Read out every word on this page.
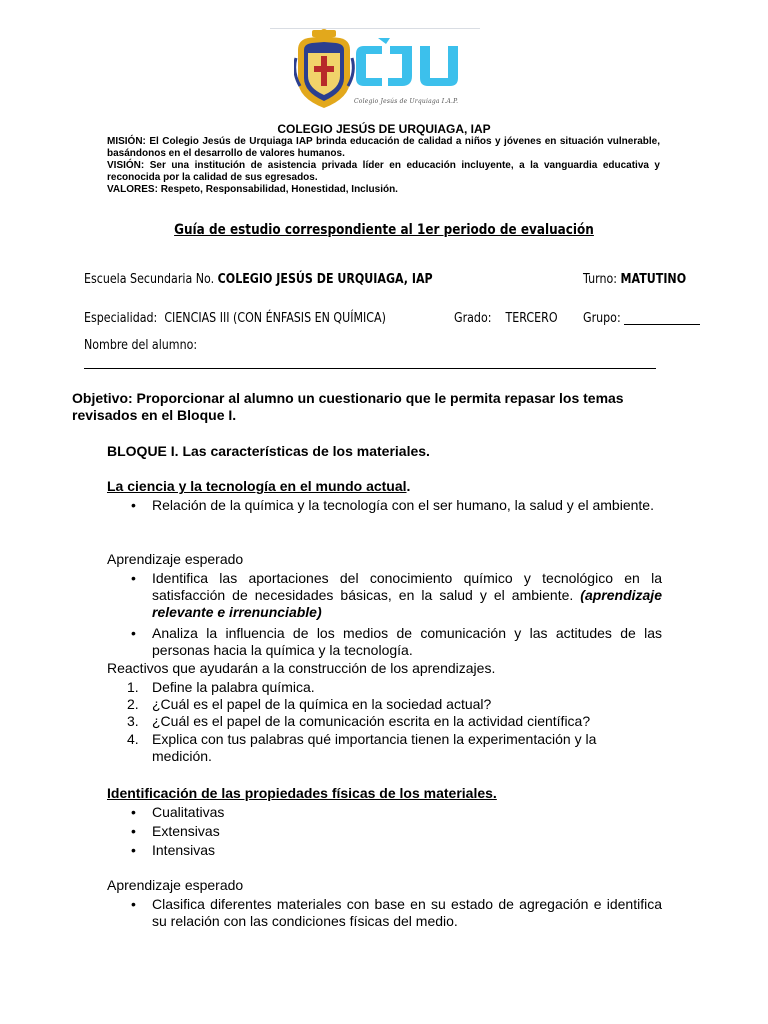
Colegio Jesús de Urquiaga I.A.P.
COLEGIO JESÚS DE URQUIAGA, IAP
MISIÓN: El Colegio Jesús de Urquiaga IAP brinda educación de calidad a niños y jóvenes en situación vulnerable, basándonos en el desarrollo de valores humanos.
VISIÓN: Ser una institución de asistencia privada líder en educación incluyente, a la vanguardia educativa y reconocida por la calidad de sus egresados.
VALORES: Respeto, Responsabilidad, Honestidad, Inclusión.
Guía de estudio correspondiente al 1er periodo de evaluación
Escuela Secundaria No. COLEGIO JESÚS DE URQUIAGA, IAP	Turno: MATUTINO
Especialidad: CIENCIAS III (CON ÉNFASIS EN QUÍMICA)	Grado: TERCERO Grupo:
Nombre del alumno:
Objetivo: Proporcionar al alumno un cuestionario que le permita repasar los temas revisados en el Bloque I.
BLOQUE I. Las características de los materiales.
La ciencia y la tecnología en el mundo actual.
• Relación de la química y la tecnología con el ser humano, la salud y el ambiente.
Aprendizaje esperado
• Identifica las aportaciones del conocimiento químico y tecnológico en la satisfacción de necesidades básicas, en la salud y el ambiente. (aprendizaje relevante e irrenunciable)
• Analiza la influencia de los medios de comunicación y las actitudes de las personas hacia la química y la tecnología.
Reactivos que ayudarán a la construcción de los aprendizajes.
1. Define la palabra química.
2. ¿Cuál es el papel de la química en la sociedad actual?
3. ¿Cuál es el papel de la comunicación escrita en la actividad científica?
4. Explica con tus palabras qué importancia tienen la experimentación y la medición.
Identificación de las propiedades físicas de los materiales.
• Cualitativas
• Extensivas
• Intensivas
Aprendizaje esperado
• Clasifica diferentes materiales con base en su estado de agregación e identifica su relación con las condiciones físicas del medio.
